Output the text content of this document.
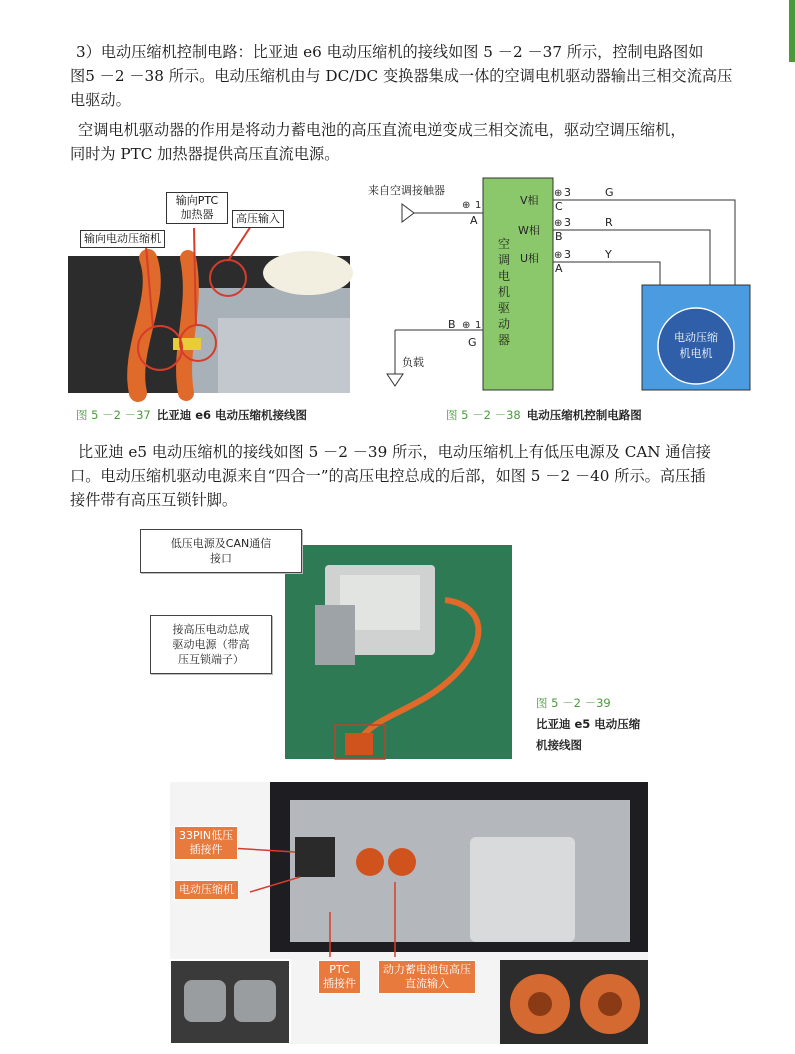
3）电动压缩机控制电路：比亚迪 e6 电动压缩机的接线如图 5 －2 －37 所示，控制电路图如
图5 －2 －38 所示。电动压缩机由与 DC/DC 变换器集成一体的空调电机驱动器输出三相交流高压
电驱动。
空调电机驱动器的作用是将动力蓄电池的高压直流电逆变成三相交流电，驱动空调压缩机，
同时为 PTC 加热器提供高压直流电源。
输向PTC
加热器	高压输入
输向电动压缩机
图 5 －2 －37 比亚迪 e6 电动压缩机接线图
空
调
电
机
驱
动
器
来自空调接触器
⊕ 1
A
负载
B ⊕ 1
G
V相
W相
U相
⊕ 3
C
⊕ 3
B
⊕ 3
A
G
R
Y
电动压缩
机电机
图 5 －2 －38 电动压缩机控制电路图
比亚迪 e5 电动压缩机的接线如图 5 －2 －39 所示，电动压缩机上有低压电源及 CAN 通信接
口。电动压缩机驱动电源来自“四合一”的高压电控总成的后部，如图 5 －2 －40 所示。高压插
接件带有高压互锁针脚。
低压电源及CAN通信
接口
接高压电动总成
驱动电源（带高
压互锁端子）
图 5 －2 －39
比亚迪 e5 电动压缩
机接线图
33PIN低压
插接件
电动压缩机
PTC
插接件
动力蓄电池包高压
直流输入
